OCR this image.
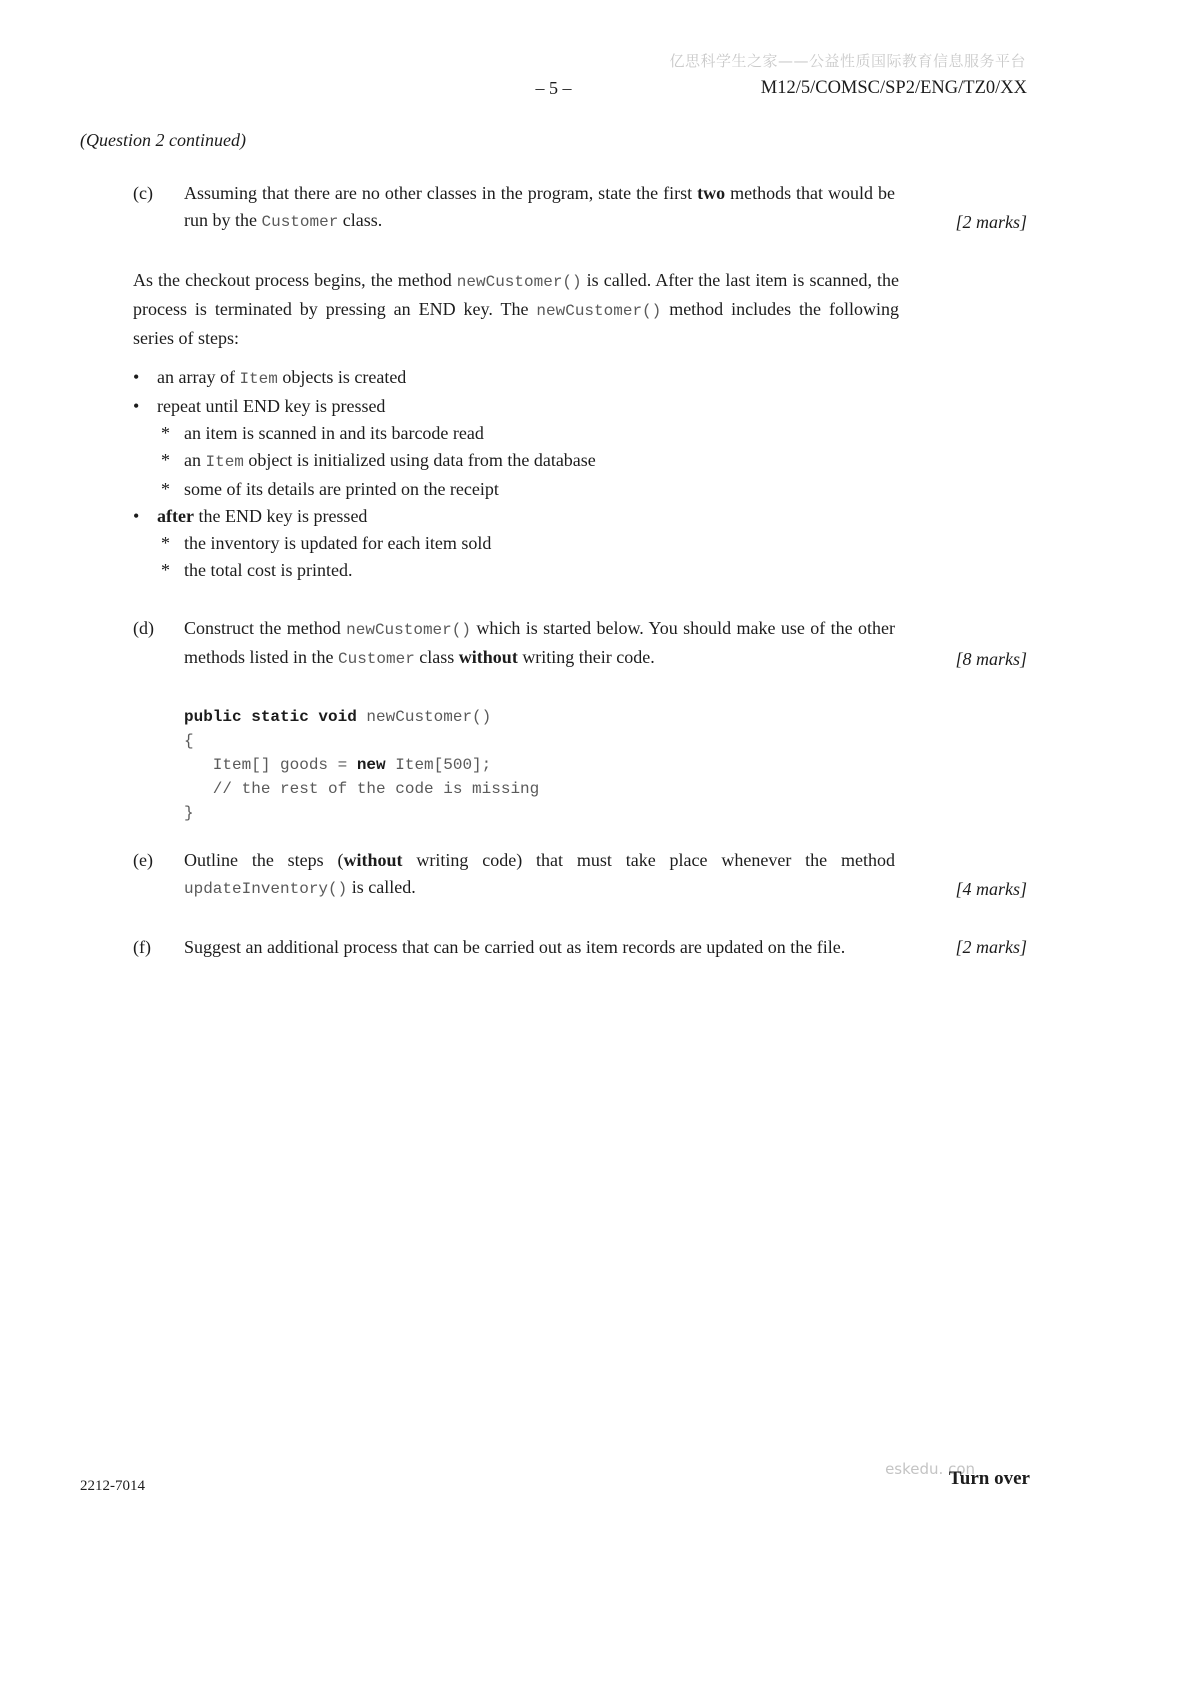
亿思科学生之家——公益性质国际教育信息服务平台
– 5 –	M12/5/COMSC/SP2/ENG/TZ0/XX
(Question 2 continued)
(c)	Assuming that there are no other classes in the program, state the first two methods that would be run by the Customer class.	[2 marks]
As the checkout process begins, the method newCustomer() is called. After the last item is scanned, the process is terminated by pressing an END key. The newCustomer() method includes the following series of steps:
• an array of Item objects is created
• repeat until END key is pressed
* an item is scanned in and its barcode read
* an Item object is initialized using data from the database
* some of its details are printed on the receipt
• after the END key is pressed
* the inventory is updated for each item sold
* the total cost is printed.
(d)	Construct the method newCustomer() which is started below. You should make use of the other methods listed in the Customer class without writing their code.	[8 marks]
public static void newCustomer()
{
Item[] goods = new Item[500];
// the rest of the code is missing
}
(e)	Outline the steps (without writing code) that must take place whenever the method updateInventory() is called.	[4 marks]
(f)	Suggest an additional process that can be carried out as item records are updated on the file.	[2 marks]
2212-7014
eskedu. con
Turn over
